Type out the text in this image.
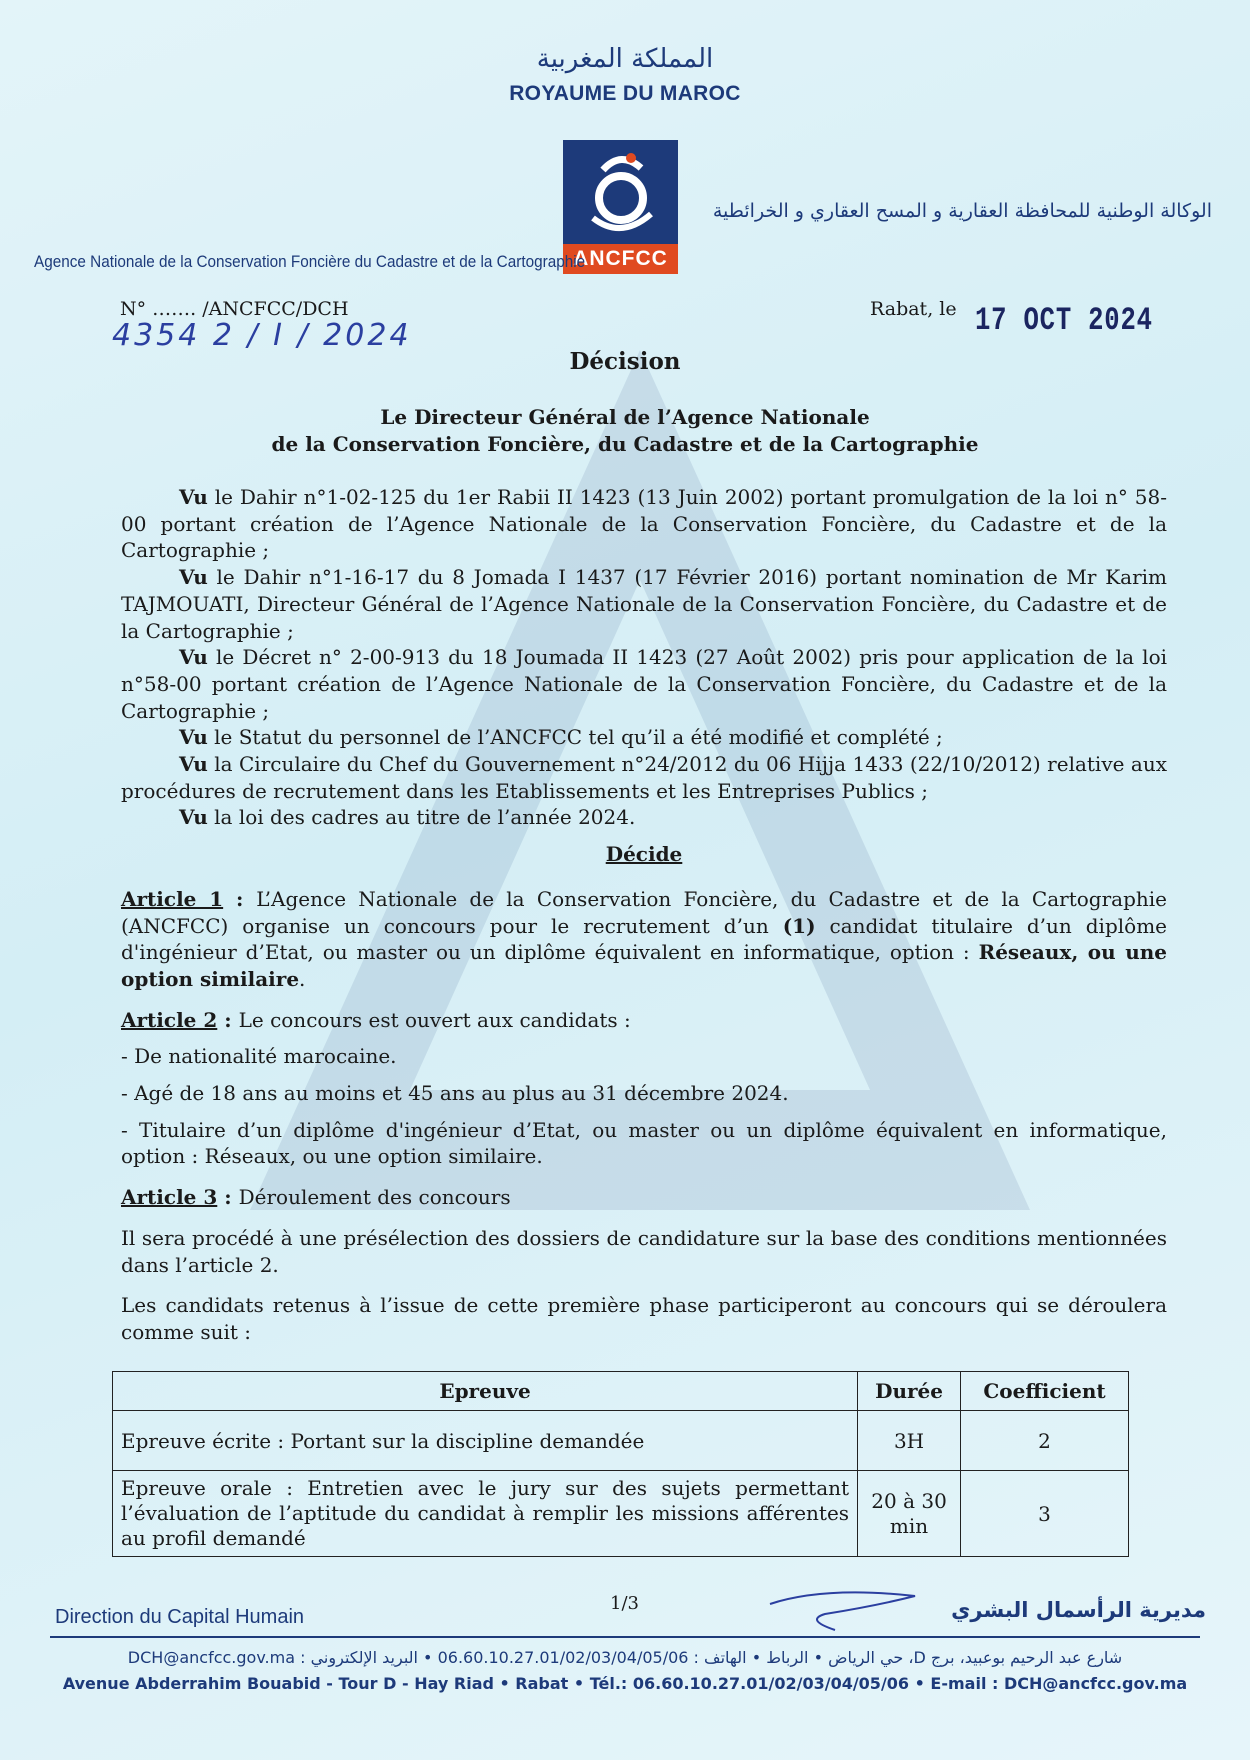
المملكة المغربية
ROYAUME DU MAROC
ANCFCC
Agence Nationale de la Conservation Foncière du Cadastre et de la Cartographie
الوكالة الوطنية للمحافظة العقارية و المسح العقاري و الخرائطية
N° ……. /ANCFCC/DCH
4354 2 / I / 2024
Rabat, le 17 OCT 2024
Décision
Le Directeur Général de l’Agence Nationale
de la Conservation Foncière, du Cadastre et de la Cartographie

Vu le Dahir n°1-02-125 du 1er Rabii II 1423 (13 Juin 2002) portant promulgation de la loi n° 58-00 portant création de l’Agence Nationale de la Conservation Foncière, du Cadastre et de la Cartographie ;

Vu le Dahir n°1-16-17 du 8 Jomada I 1437 (17 Février 2016) portant nomination de Mr Karim TAJMOUATI, Directeur Général de l’Agence Nationale de la Conservation Foncière, du Cadastre et de la Cartographie ;

Vu le Décret n° 2-00-913 du 18 Joumada II 1423 (27 Août 2002) pris pour application de la loi n°58-00 portant création de l’Agence Nationale de la Conservation Foncière, du Cadastre et de la Cartographie ;

Vu le Statut du personnel de l’ANCFCC tel qu’il a été modifié et complété ;

Vu la Circulaire du Chef du Gouvernement n°24/2012 du 06 Hijja 1433 (22/10/2012) relative aux procédures de recrutement dans les Etablissements et les Entreprises Publics ;

Vu la loi des cadres au titre de l’année 2024.

Décide

Article 1 : L’Agence Nationale de la Conservation Foncière, du Cadastre et de la Cartographie (ANCFCC) organise un concours pour le recrutement d’un (1) candidat titulaire d’un diplôme d'ingénieur d’Etat, ou master ou un diplôme équivalent en informatique, option : Réseaux, ou une option similaire.

Article 2 : Le concours est ouvert aux candidats :

- De nationalité marocaine.

- Agé de 18 ans au moins et 45 ans au plus au 31 décembre 2024.

- Titulaire d’un diplôme d'ingénieur d’Etat, ou master ou un diplôme équivalent en informatique, option : Réseaux, ou une option similaire.

Article 3 : Déroulement des concours

Il sera procédé à une présélection des dossiers de candidature sur la base des conditions mentionnées dans l’article 2.

Les candidats retenus à l’issue de cette première phase participeront au concours qui se déroulera comme suit :

Epreuve	Durée	Coefficient
Epreuve écrite : Portant sur la discipline demandée	3H	2
Epreuve orale : Entretien avec le jury sur des sujets permettant l’évaluation de l’aptitude du candidat à remplir les missions afférentes au profil demandé	20 à 30 min	3
Direction du Capital Humain
1/3	مديرية الرأسمال البشري
شارع عبد الرحيم بوعبيد، برج D، حي الرياض • الرباط • الهاتف : 06.60.10.27.01/02/03/04/05/06 • البريد الإلكتروني : DCH@ancfcc.gov.ma
Avenue Abderrahim Bouabid - Tour D - Hay Riad • Rabat • Tél.: 06.60.10.27.01/02/03/04/05/06 • E-mail : DCH@ancfcc.gov.ma
